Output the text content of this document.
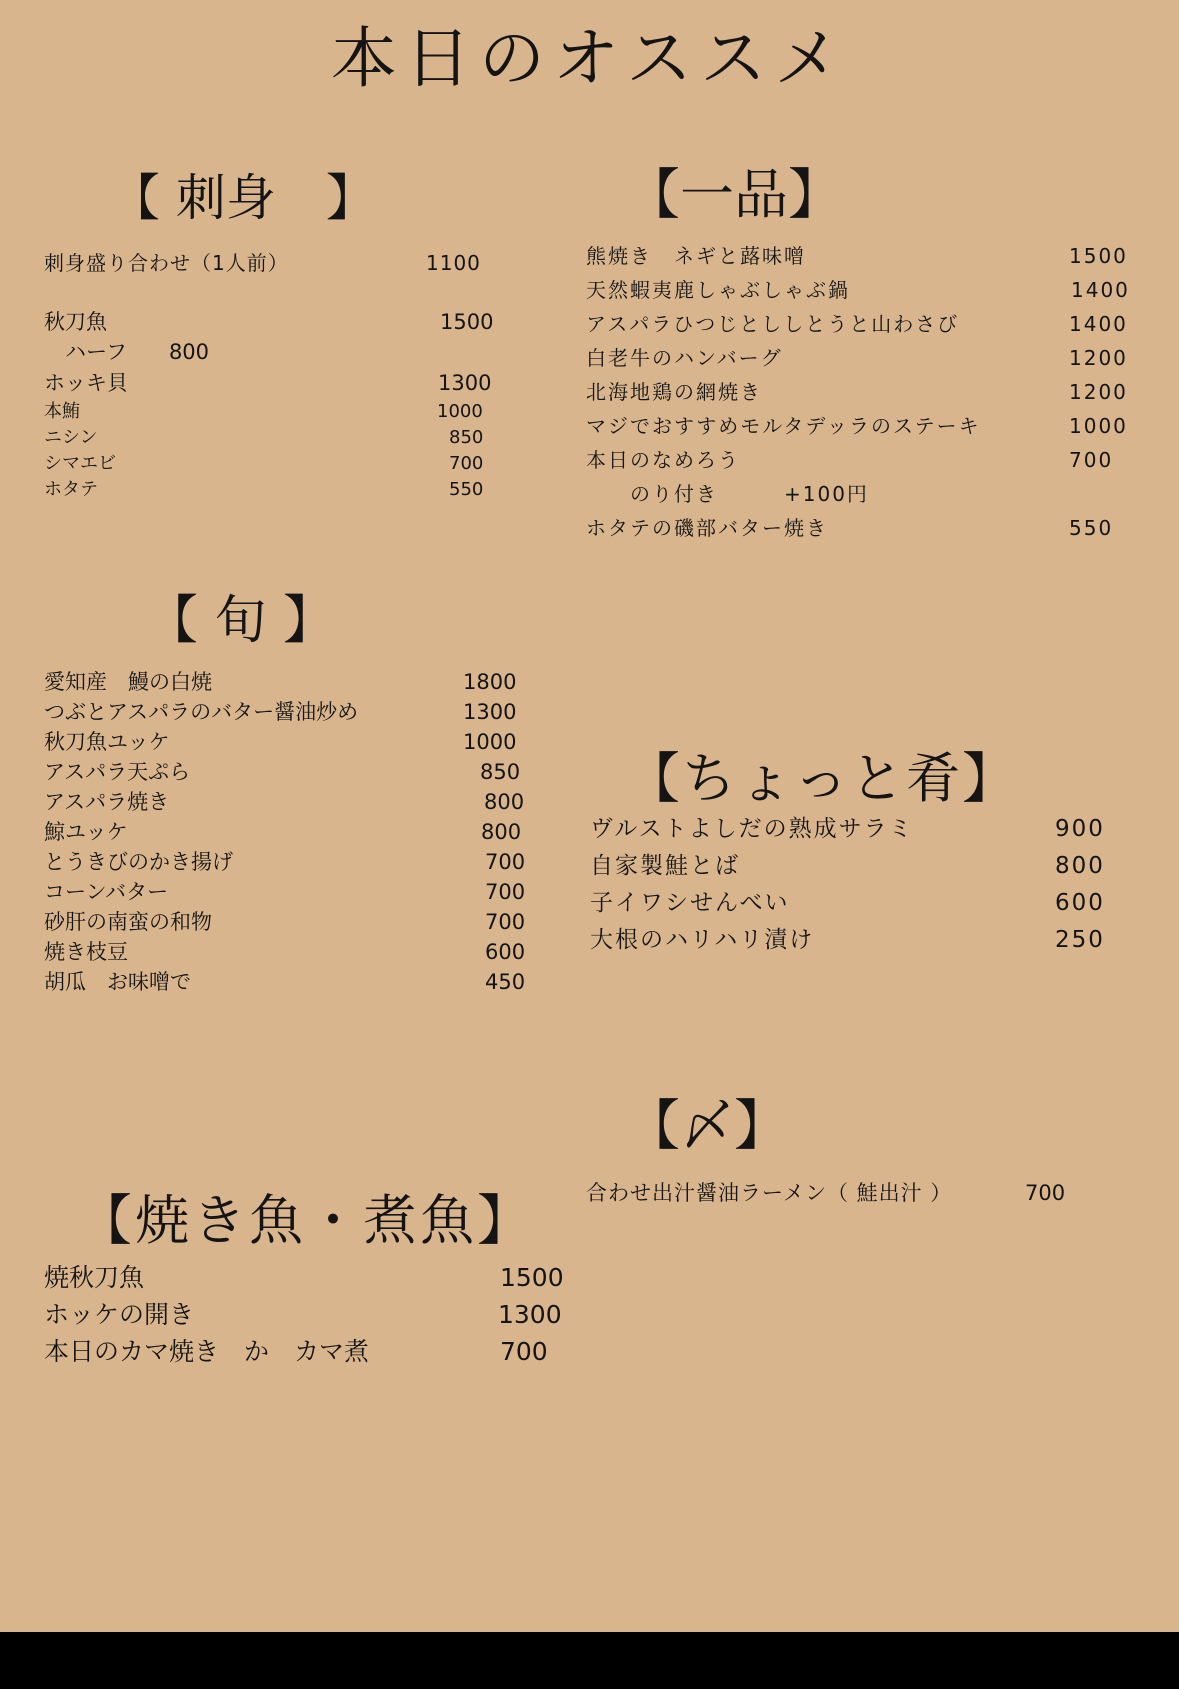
本日のオススメ
【 刺身　】
刺身盛り合わせ（1人前）	1100
秋刀魚	1500
　ハーフ　　800
ホッキ貝	1300
本鮪	1000
ニシン	850
シマエビ	700
ホタテ	550
【一品】
熊焼き　ネギと蕗味噌	1500
天然蝦夷鹿しゃぶしゃぶ鍋	1400
アスパラひつじとししとうと山わさび	1400
白老牛のハンバーグ	1200
北海地鶏の網焼き	1200
マジでおすすめモルタデッラのステーキ	1000
本日のなめろう	700
　　のり付き　　　+100円
ホタテの磯部バター焼き	550
【 旬 】
愛知産　鰻の白焼	1800
つぶとアスパラのバター醤油炒め	1300
秋刀魚ユッケ	1000
アスパラ天ぷら	850
アスパラ焼き	800
鯨ユッケ	800
とうきびのかき揚げ	700
コーンバター	700
砂肝の南蛮の和物	700
焼き枝豆	600
胡瓜　お味噌で	450
【ちょっと肴】
ヴルストよしだの熟成サラミ	900
自家製鮭とば	800
子イワシせんべい	600
大根のハリハリ漬け	250
【〆】
合わせ出汁醤油ラーメン（ 鮭出汁 ）	700
【焼き魚・煮魚】
焼秋刀魚	1500
ホッケの開き	1300
本日のカマ焼き　か　カマ煮	700
